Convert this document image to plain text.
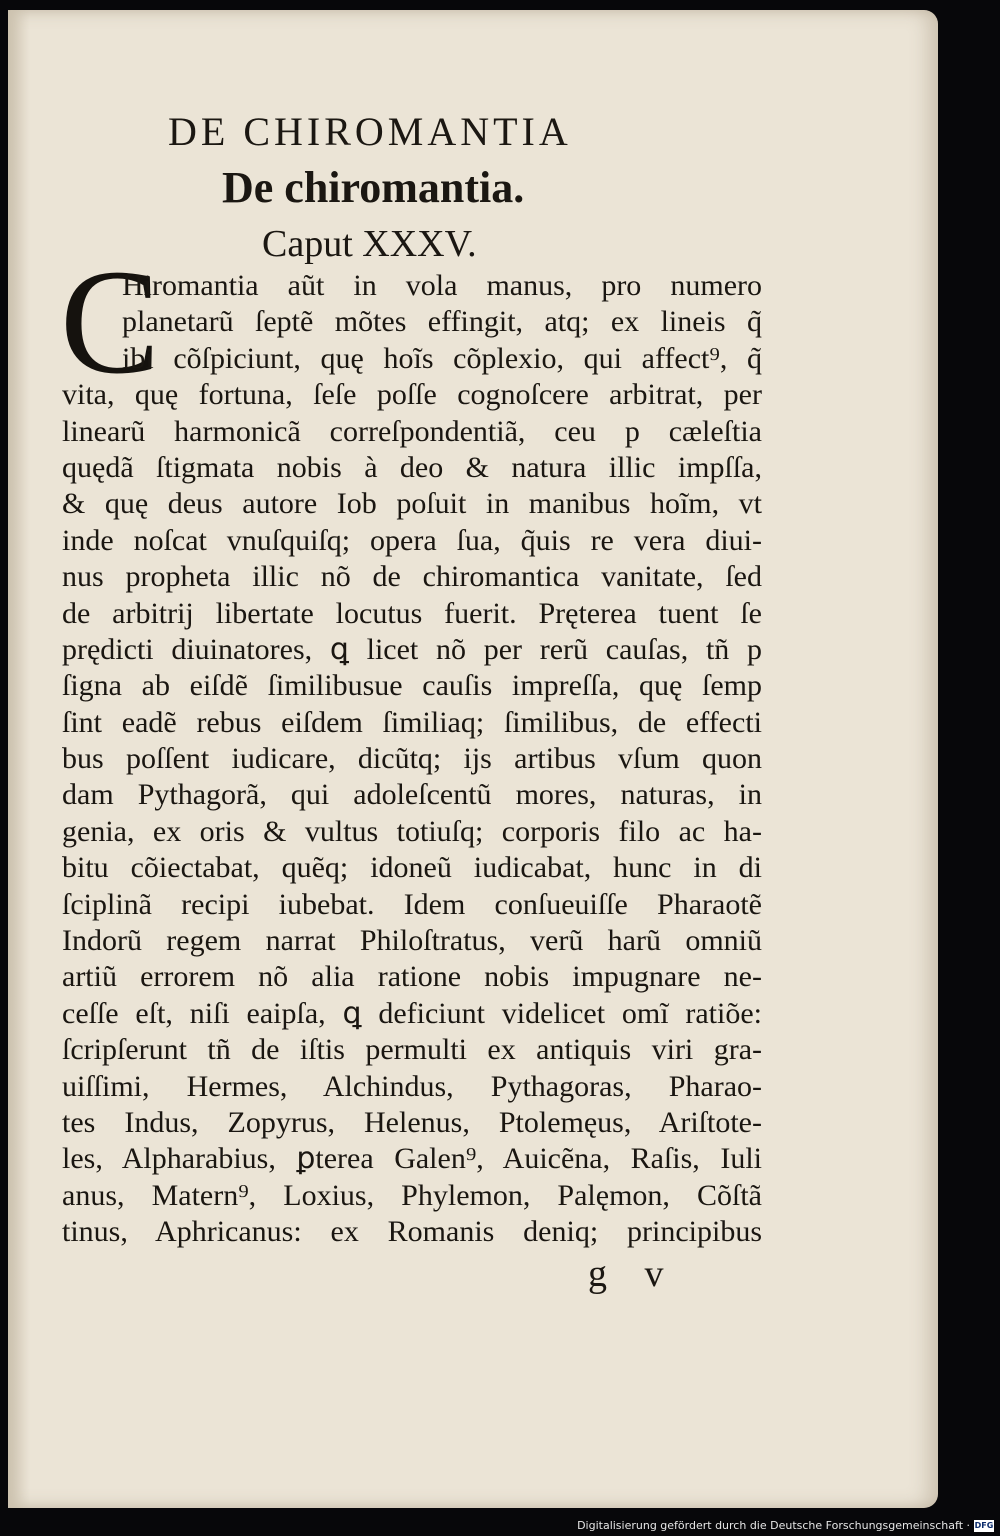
DE CHIROMANTIA
De chiromantia.
Caput XXXV.
C
Hiromantia aũt in vola manus, pro numero
planetarũ ſeptẽ mõtes effingit, atq; ex lineis q̃
ibi cõſpiciunt, quę hoĩs cõplexio, qui affect⁹, q̃
vita, quę fortuna, ſeſe poſſe cognoſcere arbitrat, per
linearũ harmonicã correſpondentiã, ceu p cæleſtia
quędã ſtigmata nobis à deo & natura illic impſſa,
& quę deus autore Iob poſuit in manibus hoĩm, vt
inde noſcat vnuſquiſq; opera ſua, q̃uis re vera diui-
nus propheta illic nõ de chiromantica vanitate, ſed
de arbitrij libertate locutus fuerit. Pręterea tuent ſe
prędicti diuinatores, ꝗ licet nõ per rerũ cauſas, tñ p
ſigna ab eiſdẽ ſimilibusue cauſis impreſſa, quę ſemp
ſint eadẽ rebus eiſdem ſimiliaq; ſimilibus, de effecti
bus poſſent iudicare, dicũtq; ijs artibus vſum quon
dam Pythagorã, qui adoleſcentũ mores, naturas, in
genia, ex oris & vultus totiuſq; corporis filo ac ha-
bitu cõiectabat, quẽq; idoneũ iudicabat, hunc in di
ſciplinã recipi iubebat. Idem conſueuiſſe Pharaotẽ
Indorũ regem narrat Philoſtratus, verũ harũ omniũ
artiũ errorem nõ alia ratione nobis impugnare ne-
ceſſe eſt, niſi eaipſa, ꝗ deficiunt videlicet omĩ ratiõe:
ſcripſerunt tñ de iſtis permulti ex antiquis viri gra-
uiſſimi, Hermes, Alchindus, Pythagoras, Pharao-
tes Indus, Zopyrus, Helenus, Ptolemęus, Ariſtote-
les, Alpharabius, ꝑterea Galen⁹, Auicẽna, Raſis, Iuli
anus, Matern⁹, Loxius, Phylemon, Palęmon, Cõſtã
tinus, Aphricanus: ex Romanis deniq; principibus
g v
Digitalisierung gefördert durch die Deutsche Forschungsgemeinschaft · DFG
